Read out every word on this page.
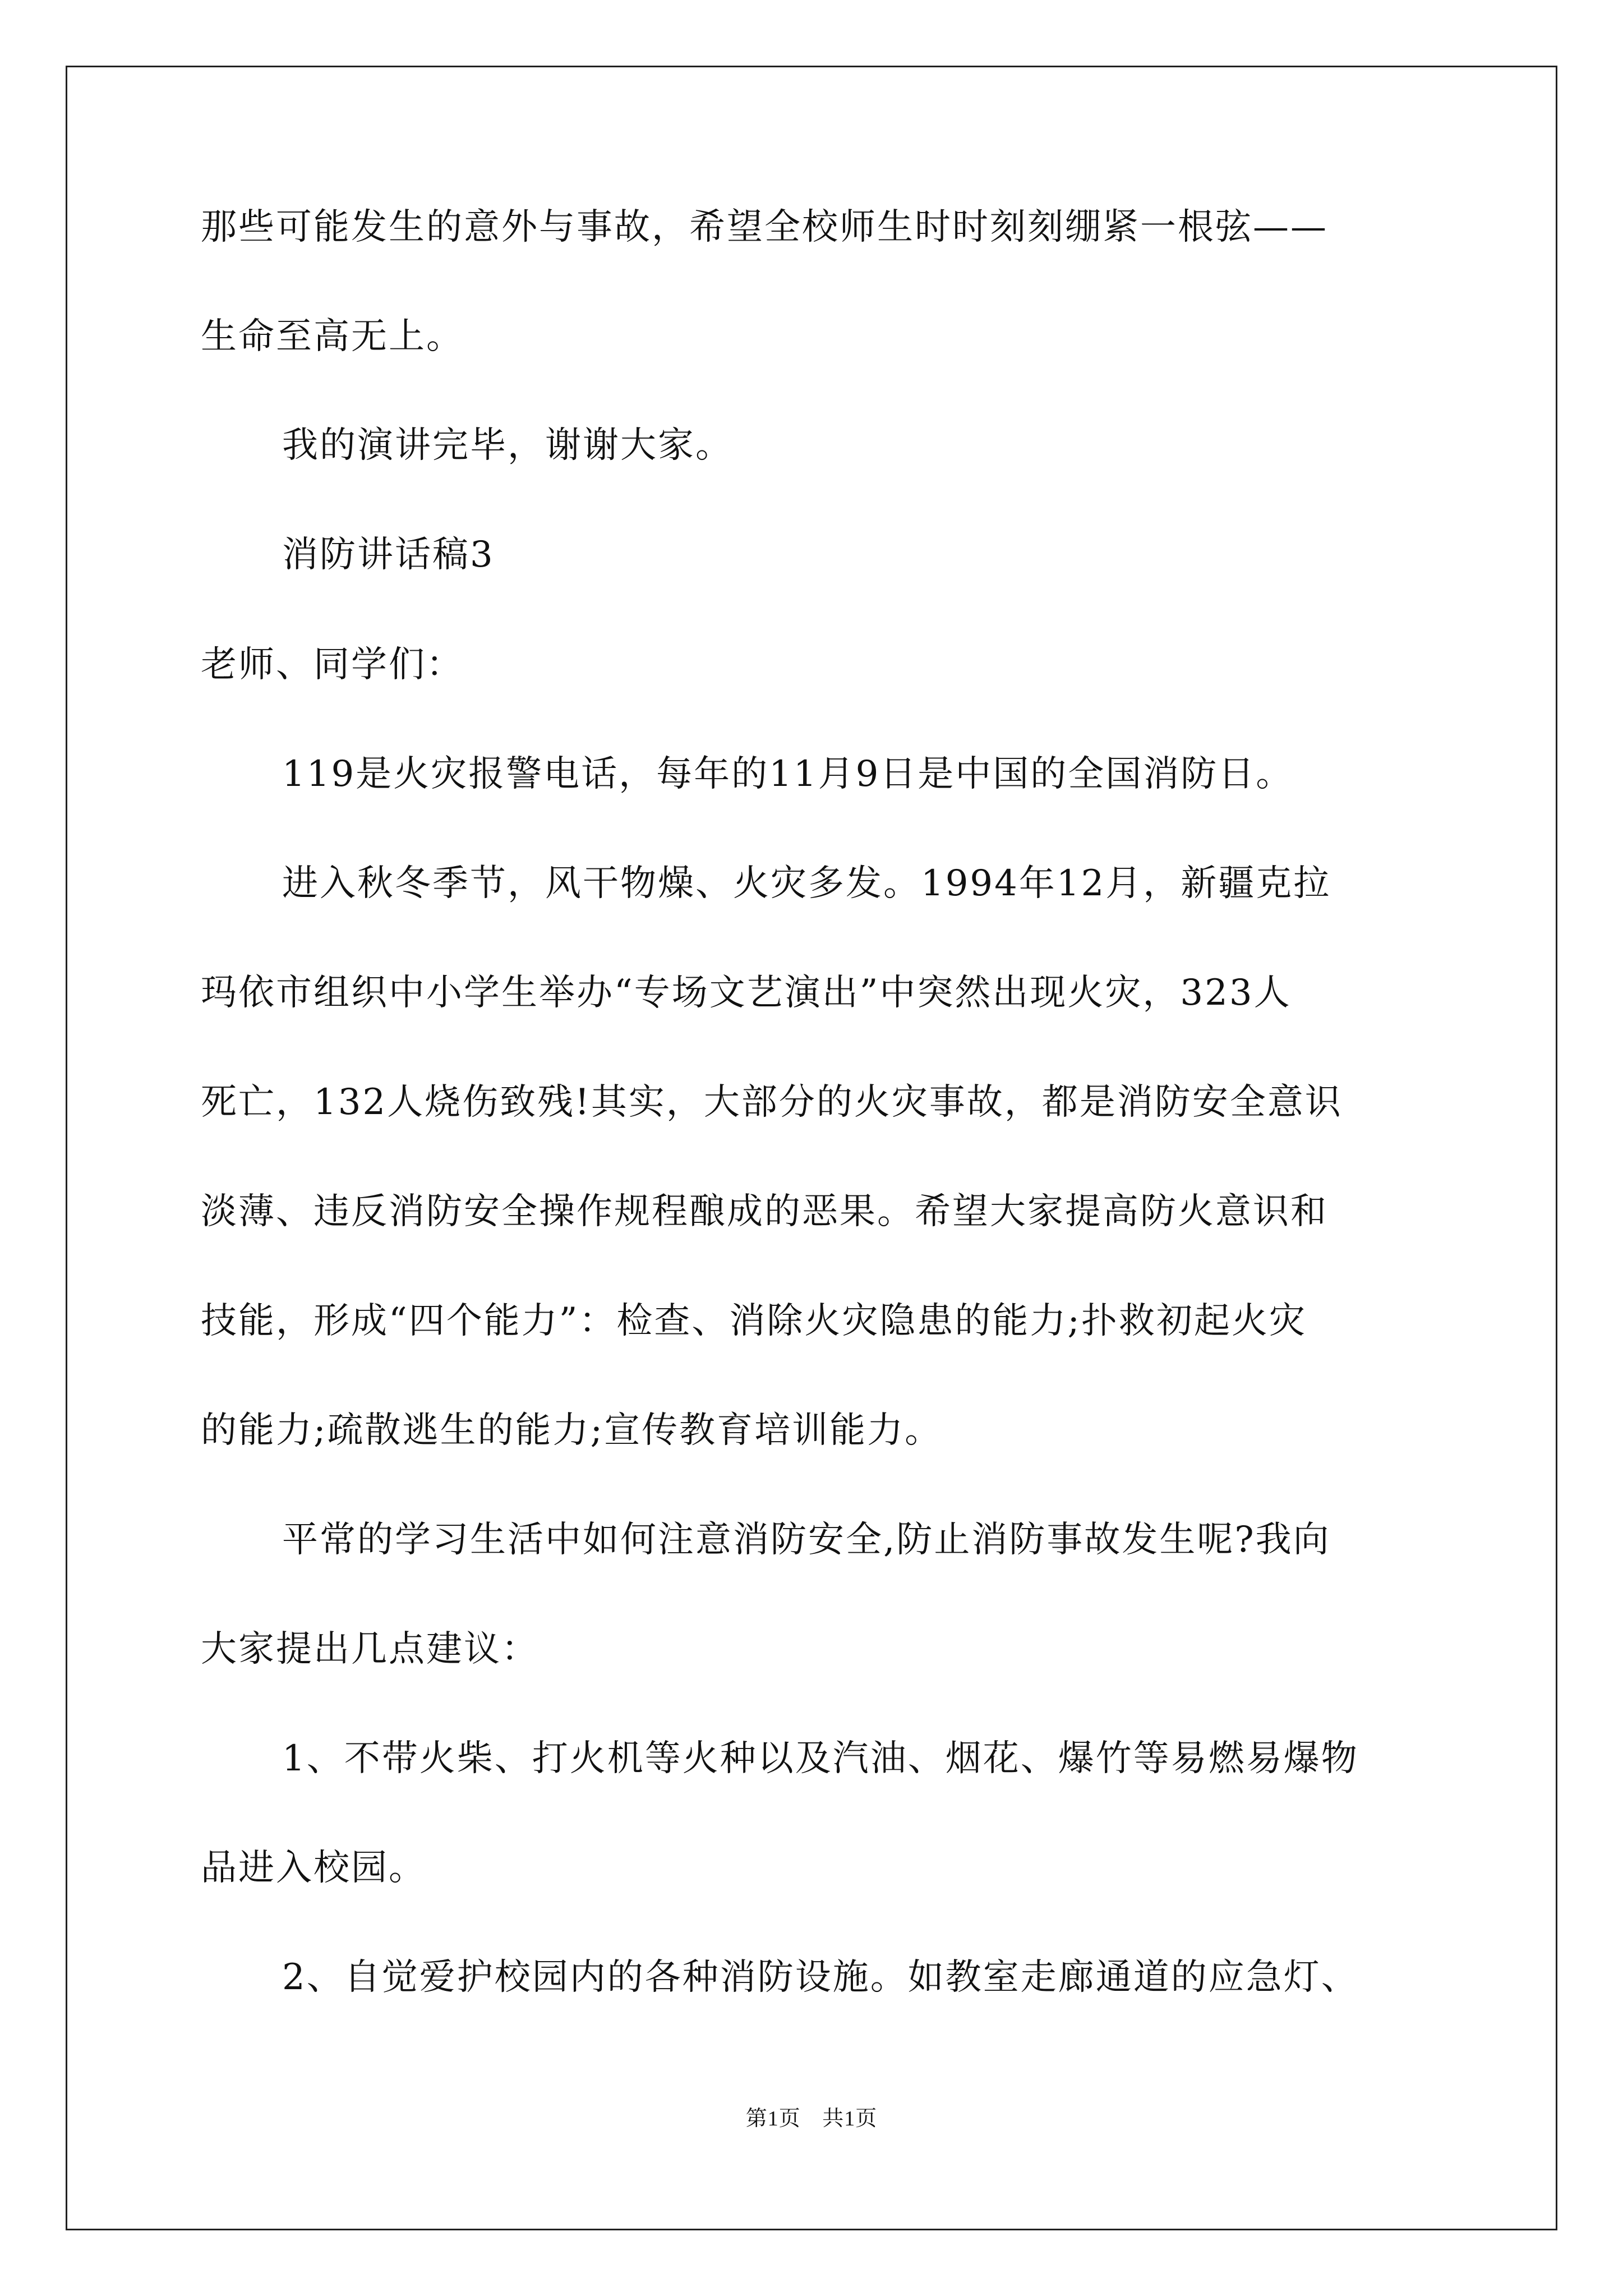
那些可能发生的意外与事故，希望全校师生时时刻刻绷紧一根弦——
生命至高无上。
我的演讲完毕，谢谢大家。
消防讲话稿3
老师、同学们：
119是火灾报警电话，每年的11月9日是中国的全国消防日。
进入秋冬季节，风干物燥、火灾多发。1994年12月，新疆克拉
玛依市组织中小学生举办“专场文艺演出”中突然出现火灾，323人
死亡，132人烧伤致残!其实，大部分的火灾事故，都是消防安全意识
淡薄、违反消防安全操作规程酿成的恶果。希望大家提高防火意识和
技能，形成“四个能力”：检查、消除火灾隐患的能力;扑救初起火灾
的能力;疏散逃生的能力;宣传教育培训能力。
平常的学习生活中如何注意消防安全,防止消防事故发生呢?我向
大家提出几点建议：
1、不带火柴、打火机等火种以及汽油、烟花、爆竹等易燃易爆物
品进入校园。
2、自觉爱护校园内的各种消防设施。如教室走廊通道的应急灯、
第1页 共1页
